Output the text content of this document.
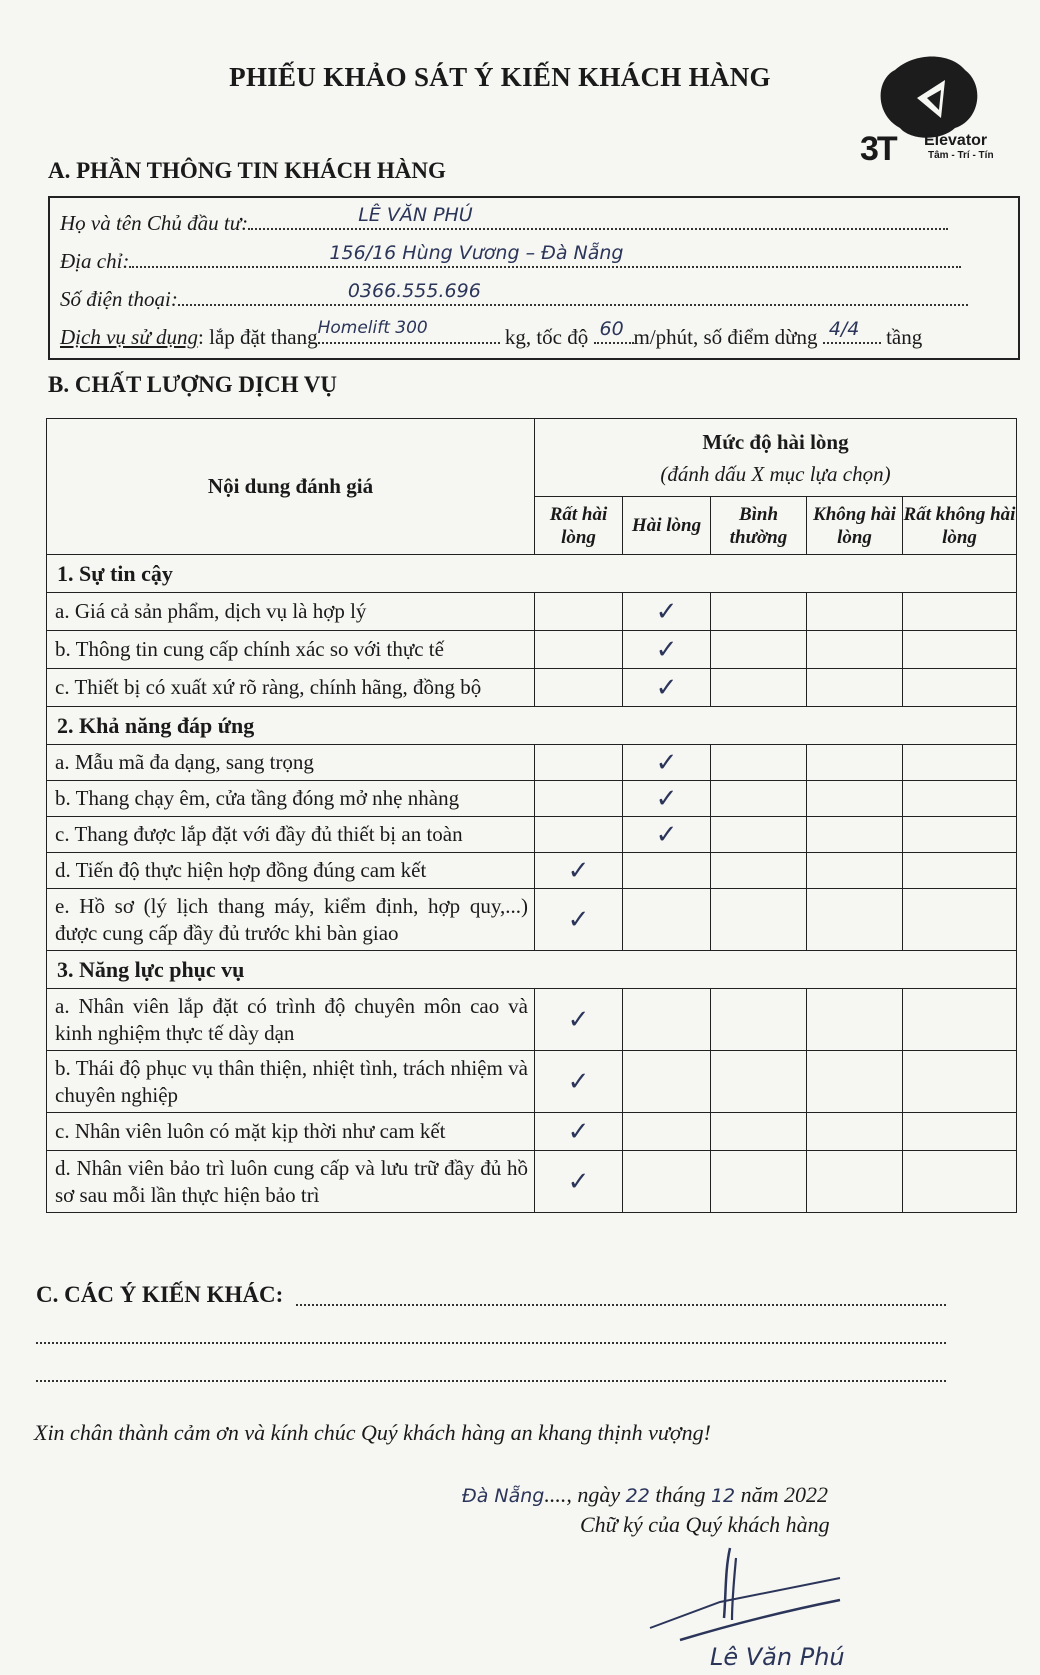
PHIẾU KHẢO SÁT Ý KIẾN KHÁCH HÀNG
3T Elevator
Tâm - Trí - Tín
A. PHẦN THÔNG TIN KHÁCH HÀNG
Họ và tên Chủ đầu tư:	LÊ VĂN PHÚ
Địa chỉ:	156/16 Hùng Vương – Đà Nẵng
Số điện thoại:	0366.555.696
Dịch vụ sử dụng: lắp đặt thang Homelift 300	kg, tốc độ 60 m/phút, số điểm dừng 4/4 tầng
B. CHẤT LƯỢNG DỊCH VỤ
Nội dung đánh giá	Mức độ hài lòng
(đánh dấu X mục lựa chọn)				

	Rất hài lòng	Hài lòng	Bình thường	Không hài lòng	Rất không hài lòng
1. Sự tin cậy					
a. Giá cả sản phẩm, dịch vụ là hợp lý		✓			
b. Thông tin cung cấp chính xác so với thực tế		✓			
c. Thiết bị có xuất xứ rõ ràng, chính hãng, đồng bộ		✓			
2. Khả năng đáp ứng					
a. Mẫu mã đa dạng, sang trọng		✓			
b. Thang chạy êm, cửa tầng đóng mở nhẹ nhàng		✓			
c. Thang được lắp đặt với đầy đủ thiết bị an toàn		✓			
d. Tiến độ thực hiện hợp đồng đúng cam kết	✓				
e. Hồ sơ (lý lịch thang máy, kiểm định, hợp quy,...) được cung cấp đầy đủ trước khi bàn giao	✓				
3. Năng lực phục vụ					
a. Nhân viên lắp đặt có trình độ chuyên môn cao và kinh nghiệm thực tế dày dạn	✓				
b. Thái độ phục vụ thân thiện, nhiệt tình, trách nhiệm và chuyên nghiệp	✓				
c. Nhân viên luôn có mặt kịp thời như cam kết	✓				
d. Nhân viên bảo trì luôn cung cấp và lưu trữ đầy đủ hồ sơ sau mỗi lần thực hiện bảo trì	✓				
C. CÁC Ý KIẾN KHÁC:
Xin chân thành cảm ơn và kính chúc Quý khách hàng an khang thịnh vượng!
Đà Nẵng...., ngày 22 tháng 12 năm 2022
Chữ ký của Quý khách hàng
Lê Văn Phú
